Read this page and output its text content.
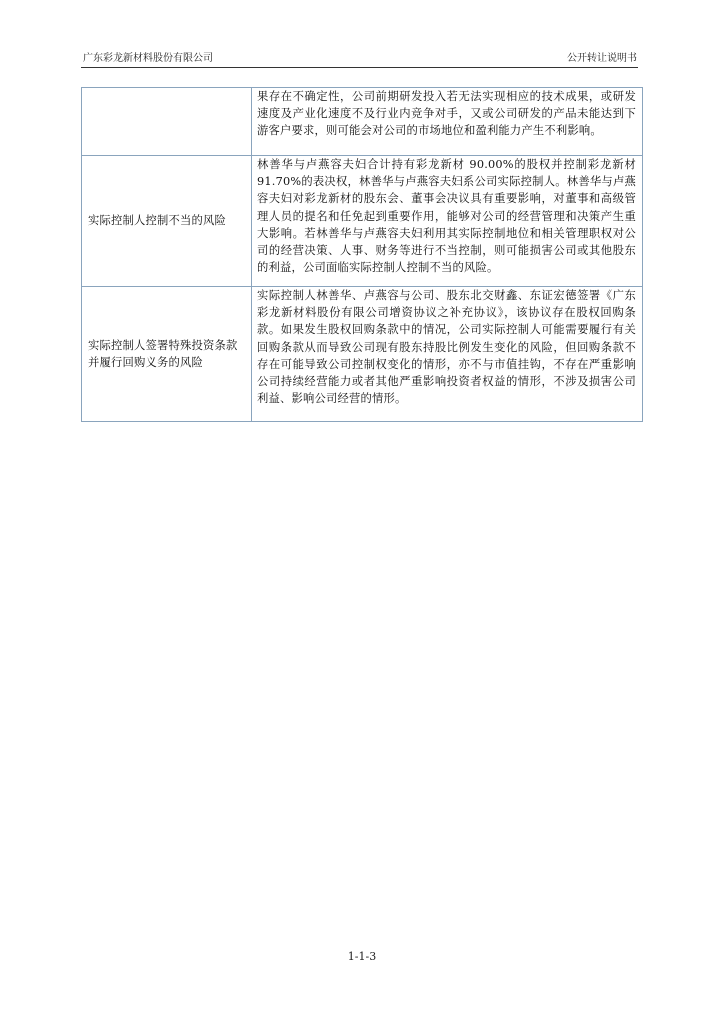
广东彩龙新材料股份有限公司	公开转让说明书
	果存在不确定性，公司前期研发投入若无法实现相应的技术成果，或研发速度及产业化速度不及行业内竞争对手，又或公司研发的产品未能达到下游客户要求，则可能会对公司的市场地位和盈利能力产生不利影响。
实际控制人控制不当的风险	林善华与卢燕容夫妇合计持有彩龙新材 90.00%的股权并控制彩龙新材 91.70%的表决权，林善华与卢燕容夫妇系公司实际控制人。林善华与卢燕容夫妇对彩龙新材的股东会、董事会决议具有重要影响，对董事和高级管理人员的提名和任免起到重要作用，能够对公司的经营管理和决策产生重大影响。若林善华与卢燕容夫妇利用其实际控制地位和相关管理职权对公司的经营决策、人事、财务等进行不当控制，则可能损害公司或其他股东的利益，公司面临实际控制人控制不当的风险。
实际控制人签署特殊投资条款并履行回购义务的风险	实际控制人林善华、卢燕容与公司、股东北交财鑫、东证宏德签署《广东彩龙新材料股份有限公司增资协议之补充协议》，该协议存在股权回购条款。如果发生股权回购条款中的情况，公司实际控制人可能需要履行有关回购条款从而导致公司现有股东持股比例发生变化的风险，但回购条款不存在可能导致公司控制权变化的情形，亦不与市值挂钩，不存在严重影响公司持续经营能力或者其他严重影响投资者权益的情形，不涉及损害公司利益、影响公司经营的情形。
1-1-3
